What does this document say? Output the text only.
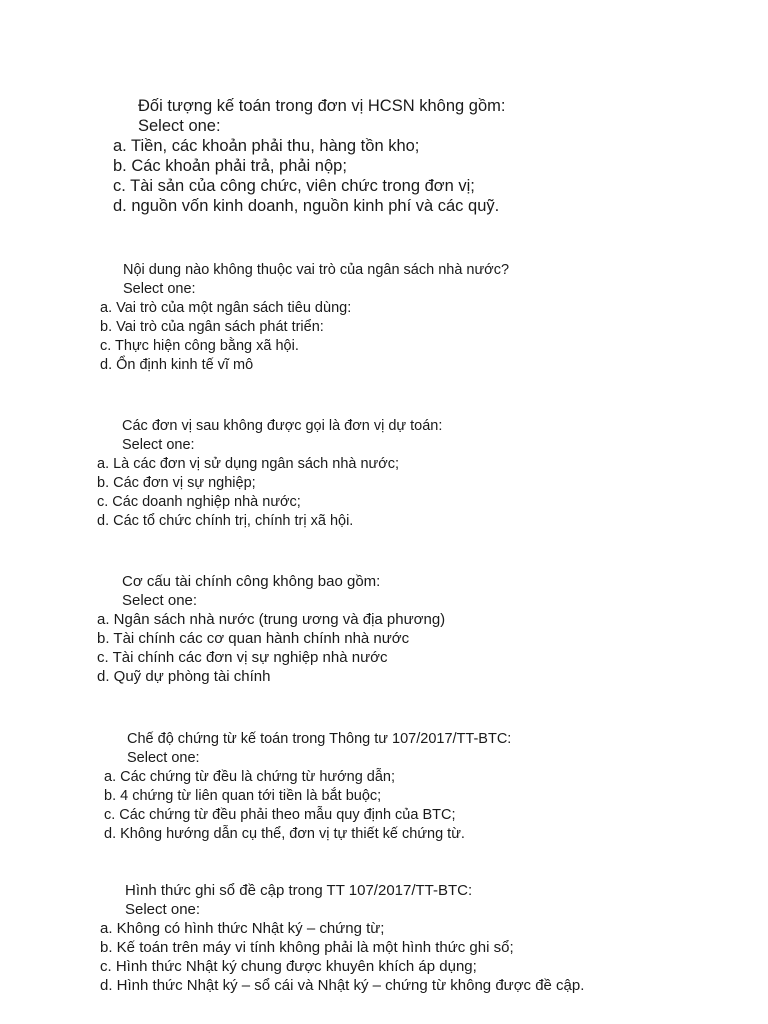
Đối tượng kế toán trong đơn vị HCSN không gồm:
Select one:
a. Tiền, các khoản phải thu, hàng tồn kho;
b. Các khoản phải trả, phải nộp;
c. Tài sản của công chức, viên chức trong đơn vị;
d. nguồn vốn kinh doanh, nguồn kinh phí và các quỹ.
Nội dung nào không thuộc vai trò của ngân sách nhà nước?
Select one:
a. Vai trò của một ngân sách tiêu dùng:
b. Vai trò của ngân sách phát triển:
c. Thực hiện công bằng xã hội.
d. Ổn định kinh tế vĩ mô
Các đơn vị sau không được gọi là đơn vị dự toán:
Select one:
a. Là các đơn vị sử dụng ngân sách nhà nước;
b. Các đơn vị sự nghiệp;
c. Các doanh nghiệp nhà nước;
d. Các tổ chức chính trị, chính trị xã hội.
Cơ cấu tài chính công không bao gồm:
Select one:
a. Ngân sách nhà nước (trung ương và địa phương)
b. Tài chính các cơ quan hành chính nhà nước
c. Tài chính các đơn vị sự nghiệp nhà nước
d. Quỹ dự phòng tài chính
Chế độ chứng từ kế toán trong Thông tư 107/2017/TT-BTC:
Select one:
a. Các chứng từ đều là chứng từ hướng dẫn;
b. 4 chứng từ liên quan tới tiền là bắt buộc;
c. Các chứng từ đều phải theo mẫu quy định của BTC;
d. Không hướng dẫn cụ thể, đơn vị tự thiết kế chứng từ.
Hình thức ghi sổ đề cập trong TT 107/2017/TT-BTC:
Select one:
a. Không có hình thức Nhật ký – chứng từ;
b. Kế toán trên máy vi tính không phải là một hình thức ghi sổ;
c. Hình thức Nhật ký chung được khuyên khích áp dụng;
d. Hình thức Nhật ký – sổ cái và Nhật ký – chứng từ không được đề cập.
